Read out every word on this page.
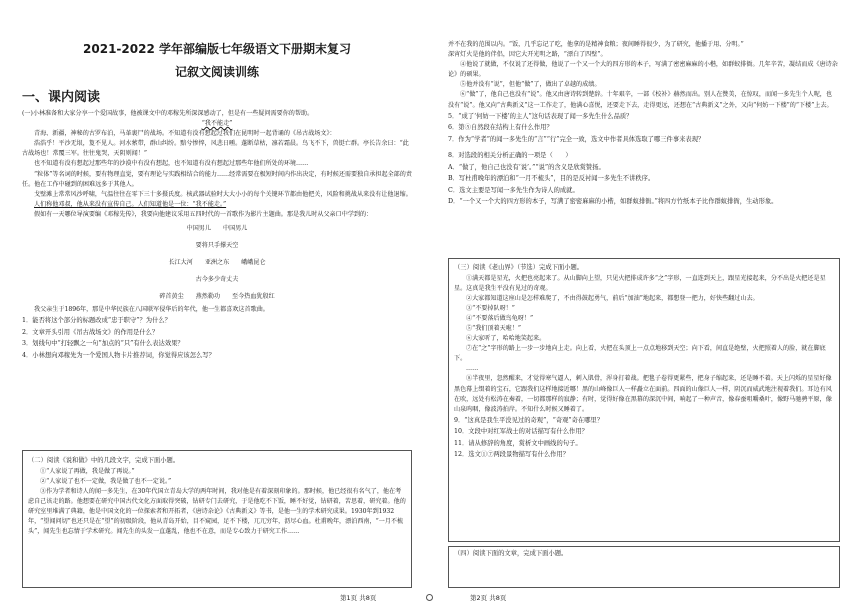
2021-2022 学年部编版七年级语文下册期末复习
记叙文阅读训练
一、课内阅读

(一)小林准备和大家分享一个爱国故事，他被课文中的邓稼先所深深感动了，但是有一些疑问需要你的帮助。

“我不能走”

青海、新疆，神秘的古罗布泊，马革裹尸的战场。不知道有没有想起过我们在昆明时一起背诵的《吊古战场文》：

浩浩乎！平沙无垠，夐不见人。河水萦带，群山纠纷。黯兮惨悴，风悲日曛。蓬断草枯，凛若霜晨。鸟飞不下，兽铤亡群。亭长告余曰：“此古战场也！常覆三军。往往鬼哭，天阴则闻！”

也不知道有没有想起过那些年的沙漠中有没有想起，也不知道有没有想起过那些年他们所处的环境……

“粒体”等名词的时候，要有物理直觉，要有理论与实践相结合的能力……经常需要在极短时间内作出决定，有时候还需要独自承担起全部的责任。他在工作中碰到的困难远多于其他人。

戈壁滩上常常风沙呼啸，气温往往在零下三十多摄氏度。核武器试验时大大小小的每个关键环节都由他把关，风险和挑战从来没有让他退缩。

人们称他邓叔，他从来没有宣传自己。人们知道他是一位：“我不能走。”

假如有一天哪位导演要编《邓稼先传》，我要向他建议采用五四时代的一首歌作为影片主题曲。那是我儿时从父亲口中学到的：

中国男儿 中国男儿
要将只手撑天空
长江大河 亚洲之东 峨峨昆仑
古今多少奇丈夫
碎首黄尘 燕然勒功 至今热血犹殷红

我父亲生于1896年，那是中华民族在八国联军侵华后的年代，他一生都喜欢这首歌曲。

1．能否将这个部分的标题改成“忠于职守”？为什么？

2．文章开头引用《吊古战场文》的作用是什么？

3．划线句中“打轻飘之一句”加点的“只”有什么表达效果？

4．小林想向邓稼先为一个爱国人物卡片推荐词，你觉得应该怎么写？

（二）阅读《说和做》中的几段文字，完成下面小题。

①“人家说了再做，我是做了再说。”

②“人家说了也不一定做，我是做了也不一定说。”

③作为学者和诗人的闻一多先生，在30年代国立青岛大学的两年时间，我对他是有着深刻印象的。那时候，他已经很有名气了，他在考虑自己该走的路。他想要在研究中国古代文化方面取得突破，钻研专门去研究，于是他吃不下饭，睡不好觉，钻研着，苦思着，研究着。他的研究室里堆满了典籍，他是中国文化的一位探索者和开拓者，《唐诗杂论》《古典新义》等书，是他一生的学术研究成果。1930年到1932年，“望闻问切”也还只是在“望”的初级阶段，他从青岛开始，目不窥园，足不下楼，兀兀穷年，沥尽心血。杜甫晚年，漂泊西南，“一月不梳头”，闻先生也忘情于学术研究。闻先生的头发一直蓬乱，他也不在意，而是专心致力于研究工作……

并不在我的范围以内。“饭，几乎忘记了吃，他拿的是精神食粮；夜间睡得很少，为了研究，他播于用、分明。”

深宵灯火是他的伴侣，因它大开光明之路，“漂白了四壁”。

④他说了就做，不仅说了还得做，他说了一个又一个大的四方形的本子，写满了密密麻麻的小楷，如群蚁排衙。几年辛苦，凝结而成《唐诗杂论》的硕果。

⑤他并没有“说”，但他“做”了，做出了卓越的成绩。

⑥“做”了，他自己也没有“说”。他又由唐诗转到楚辞。十年艰辛，一部《校补》赫然而出。别人在赞美，在惊叹，而闻一多先生个人呢，也没有“说”。他又向“古典新义”这一工作走了，他满心喜悦，还要走下去，走得更远，还想在“古典新义”之外，又向“何妨一下楼”的“下楼”上去。

5．“成了‘何妨一下楼’的主人”这句话表现了闻一多先生什么品质？

6．第⑤自然段在结构上有什么作用？

7．作为“学者”的闻一多先生的“言”“行”完全一致，选文中作者具体选取了哪三件事来表现？

8．对选段的相关分析正确的一项是（　　）

A．“做了，他自己也没有‘说’。”“说”的含义是欣赏赞扬。

B．写杜甫晚年的漂泊和“一月不梳头”，目的是反衬闻一多先生不讲秩序。

C．选文主要是写闻一多先生作为诗人的成就。

D．“一个又一个大的四方形的本子，写满了密密麻麻的小楷，如群蚁排衙。”将四方竹纸本子比作群蚁排衙，生动形象。

（三）阅读《老山界》（节选）完成下面小题。

①满天都是星光，火把也亮起来了。从山脚向上望，只见火把排成许多“之”字形，一直连到天上，跟星光接起来，分不出是火把还是星星。这真是我生平没有见过的奇观。

②大家都知道这座山是怎样难爬了，不由得鼓起勇气，前后“加油”地起来，都想登一把力，好快些翻过山去。

③“不要掉队呀！”

④“不要落后做鸟龟呀！”

⑤“我们顶着天啦！”

⑥大家听了，哈哈地笑起来。

⑦在“之”字形的路上一步一步地向上走。向上看，火把在头顶上一点点地移到天空；向下看，间直是绝壁，火把照着人的脸，就在脚底下。

……

⑧半夜里，忽然醒来，才觉得寒气逼人，刺入肌骨，浑身打着战。把毯子卷得更紧些，把身子缩起来，还是睡不着。天上闪烁的星星好像黑色幕上缀着的宝石，它跟我们这样地接近哪！黑的山峰像巨人一样矗立在面前。四面的山像巨人一样，阴沉而威武地注视着我们。耳边有风在吹，远处有松涛在奏着，一切都那样的寂静；有时，觉得好像在黑幕的深沉中间，响起了一种声音，像春蚕咀嚼桑叶，像野马驰骋平原，像山泉呜咽，像波涛拍岸。不知什么时候又睡着了。

9．“这真是我生平没见过的奇观”，“奇观”奇在哪里？

10．文段中对红军战士的对话描写有什么作用？

11．请从修辞的角度，赏析文中画线的句子。

12．选文①⑦两段景物描写有什么作用？

（四）阅读下面的文章，完成下面小题。

第1页 共8页	第2页 共8页
